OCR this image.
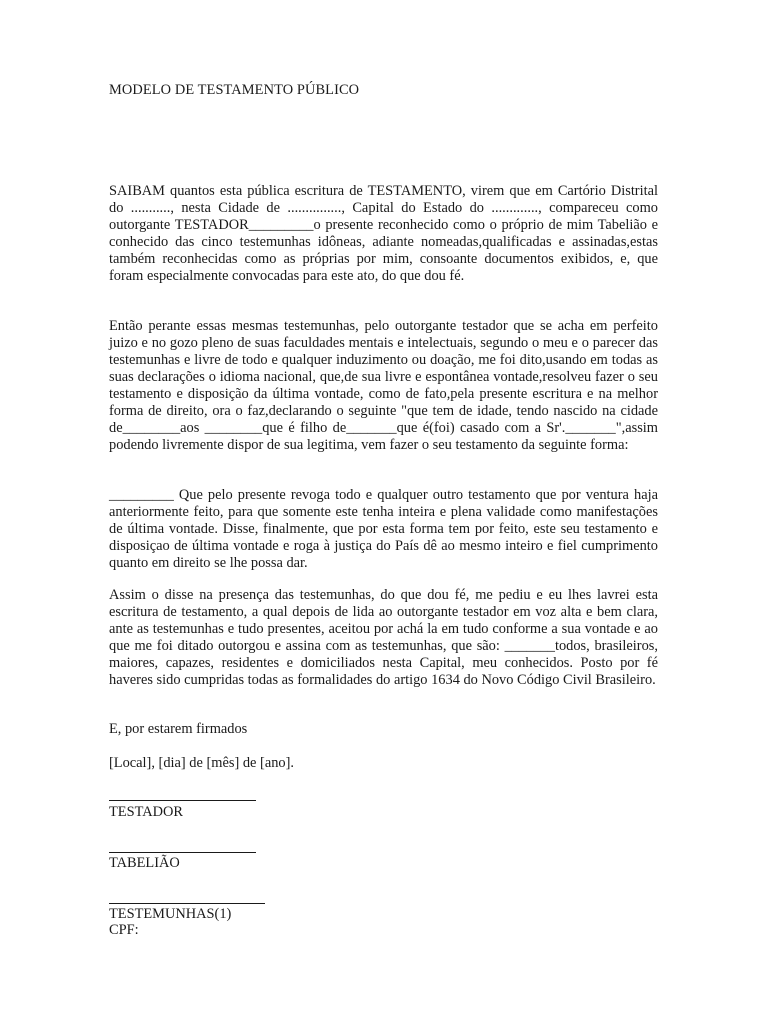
MODELO DE TESTAMENTO PÚBLICO

SAIBAM quantos esta pública escritura de TESTAMENTO, virem que em Cartório Distrital do ..........., nesta Cidade de ..............., Capital do Estado do ............., compareceu como outorgante TESTADOR_________o presente reconhecido como o próprio de mim Tabelião e conhecido das cinco testemunhas idôneas, adiante nomeadas,qualificadas e assinadas,estas também reconhecidas como as próprias por mim, consoante documentos exibidos, e, que foram especialmente convocadas para este ato, do que dou fé.

Então perante essas mesmas testemunhas, pelo outorgante testador que se acha em perfeito juizo e no gozo pleno de suas faculdades mentais e intelectuais, segundo o meu e o parecer das testemunhas e livre de todo e qualquer induzimento ou doação, me foi dito,usando em todas as suas declarações o idioma nacional, que,de sua livre e espontânea vontade,resolveu fazer o seu testamento e disposição da última vontade, como de fato,pela presente escritura e na melhor forma de direito, ora o faz,declarando o seguinte "que tem de idade, tendo nascido na cidade de________aos ________que é filho de_______que é(foi) casado com a Sr'._______",assim podendo livremente dispor de sua legitima, vem fazer o seu testamento da seguinte forma:

_________ Que pelo presente revoga todo e qualquer outro testamento que por ventura haja anteriormente feito, para que somente este tenha inteira e plena validade como manifestações de última vontade. Disse, finalmente, que por esta forma tem por feito, este seu testamento e disposiçao de última vontade e roga à justiça do País dê ao mesmo inteiro e fiel cumprimento quanto em direito se lhe possa dar.

Assim o disse na presença das testemunhas, do que dou fé, me pediu e eu lhes lavrei esta escritura de testamento, a qual depois de lida ao outorgante testador em voz alta e bem clara, ante as testemunhas e tudo presentes, aceitou por achá la em tudo conforme a sua vontade e ao que me foi ditado outorgou e assina com as testemunhas, que são: _______todos, brasileiros, maiores, capazes, residentes e domiciliados nesta Capital, meu conhecidos. Posto por fé haveres sido cumpridas todas as formalidades do artigo 1634 do Novo Código Civil Brasileiro.

E, por estarem firmados
[Local], [dia] de [mês] de [ano].
TESTADOR
TABELIÃO
TESTEMUNHAS(1)
CPF:
